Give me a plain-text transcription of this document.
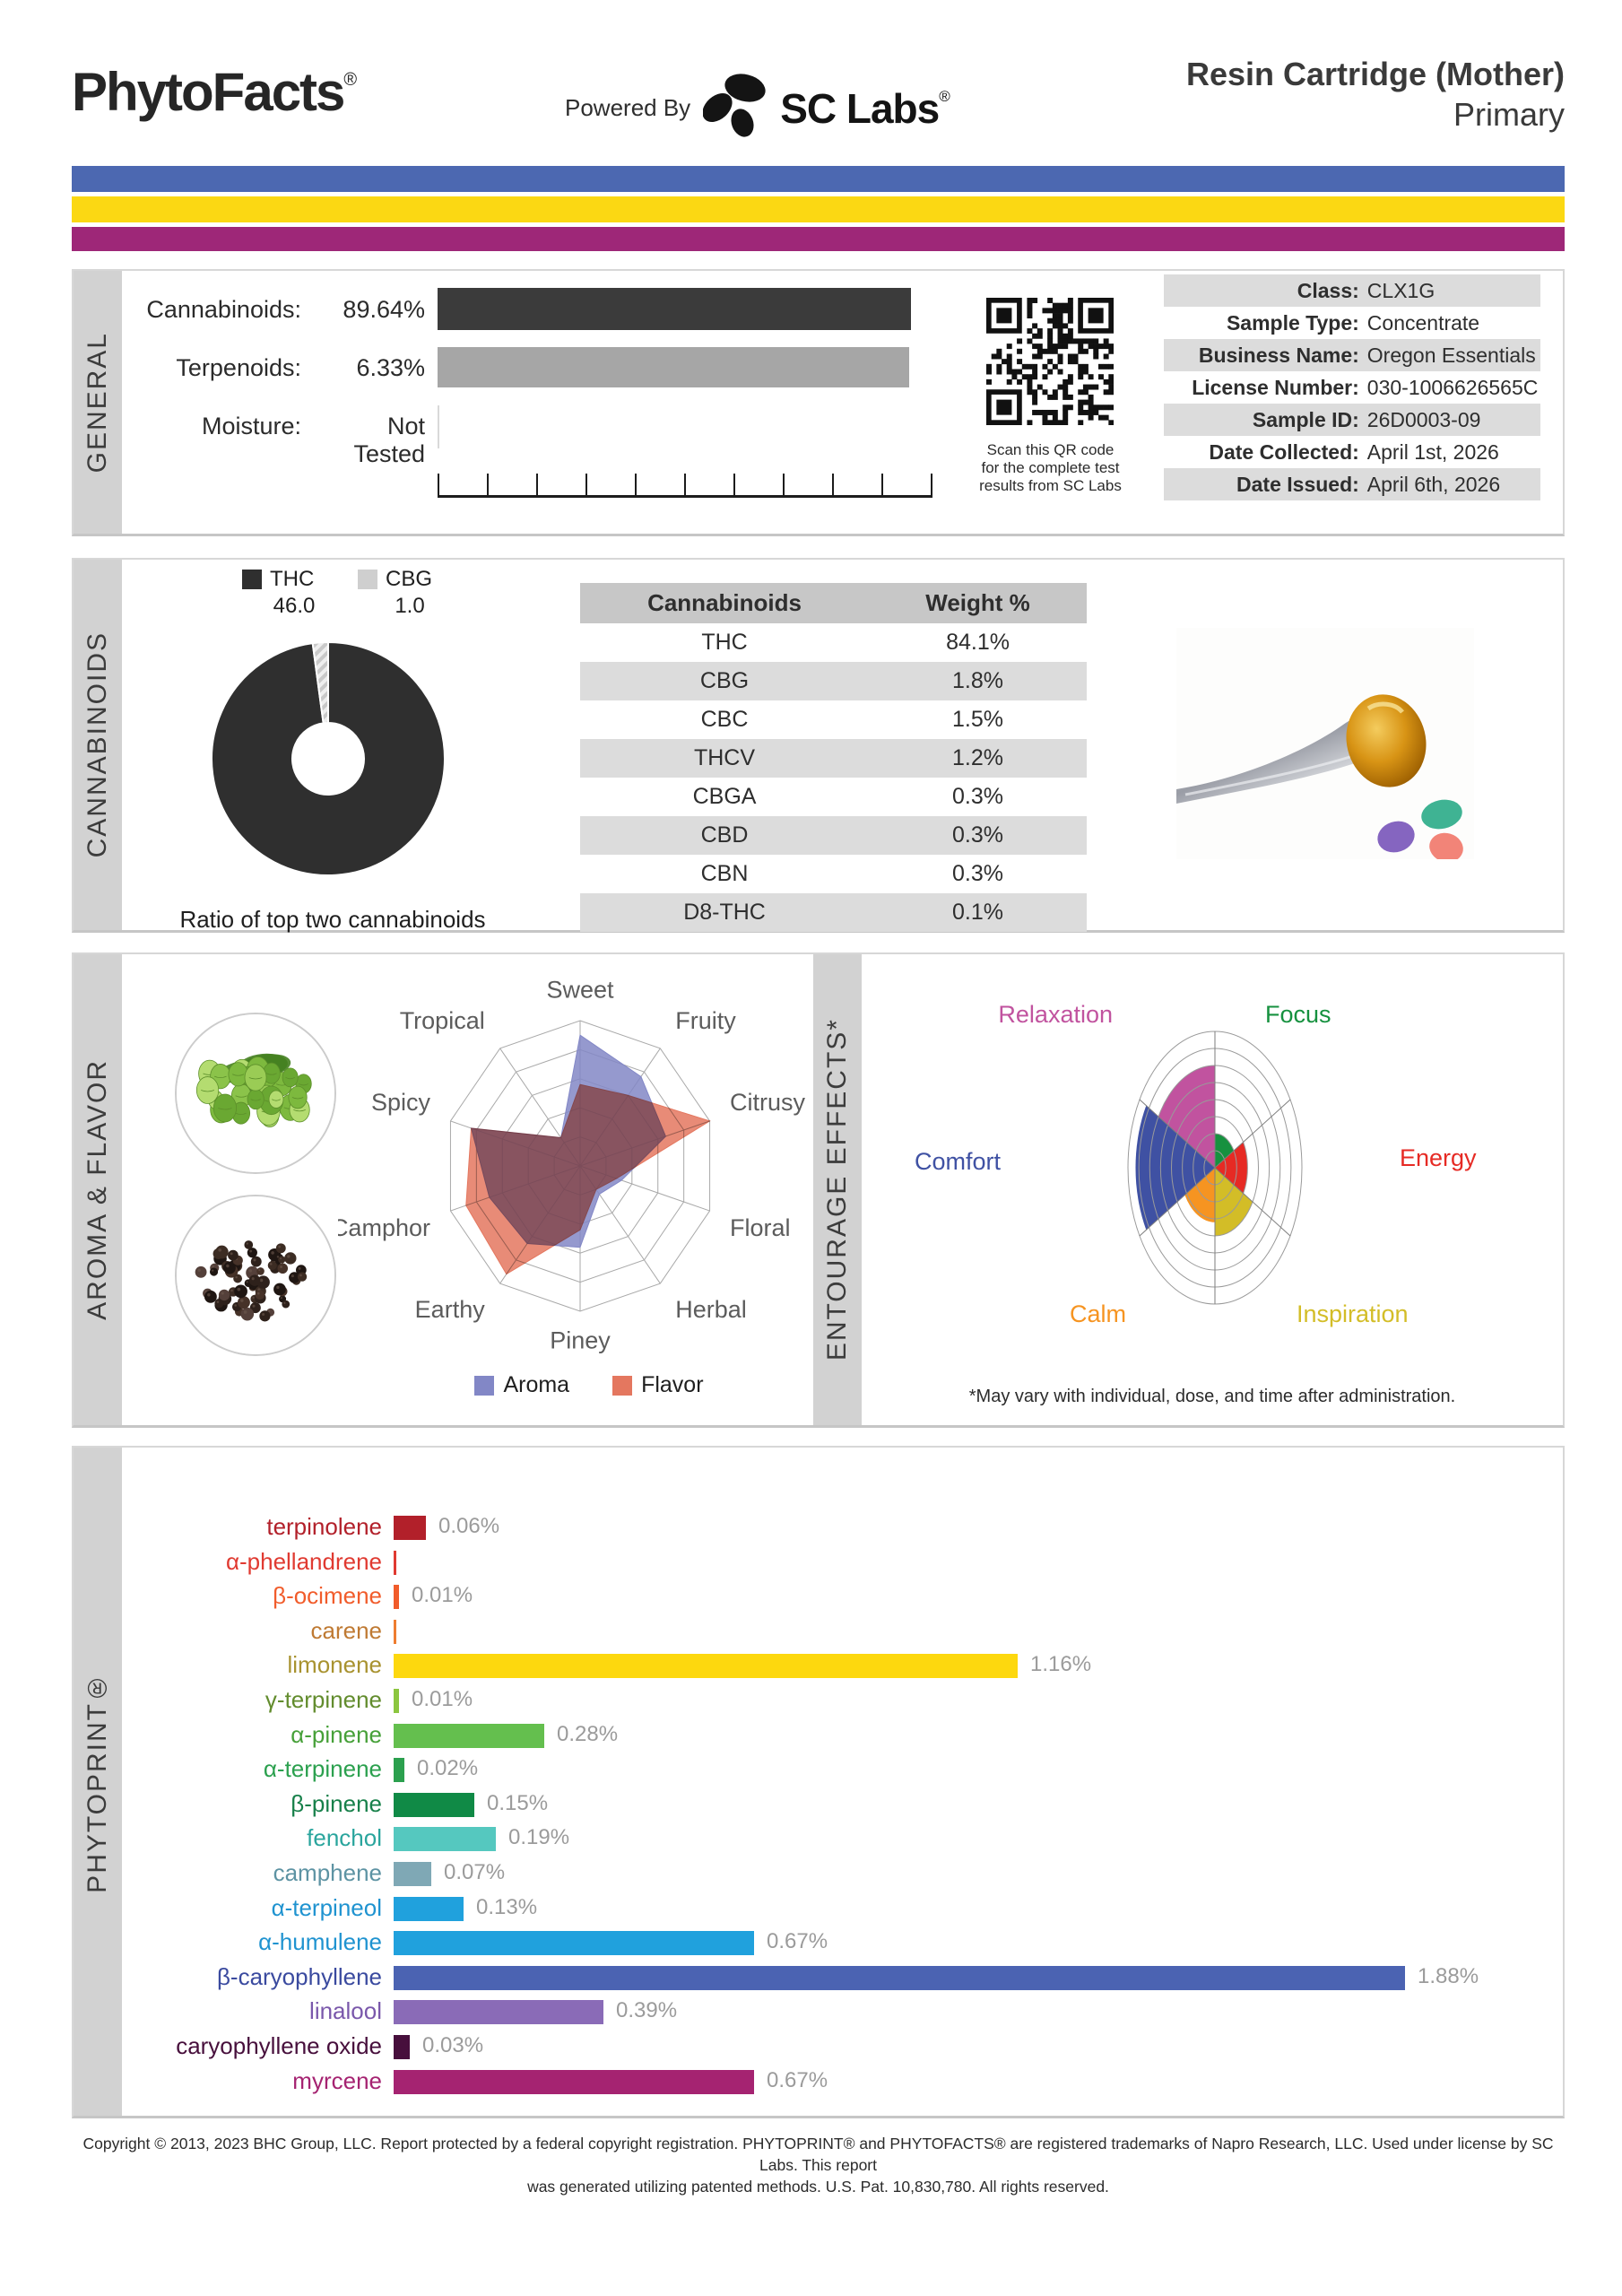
PhytoFacts®
Powered By SC Labs®
Resin Cartridge (Mother)
Primary
GENERAL
Cannabinoids:	89.64%
Terpenoids:	6.33%
Moisture:	Not Tested	Scan this QR code
for the complete test
results from SC Labs
Class: CLX1G
Sample Type: Concentrate
Business Name: Oregon Essentials
License Number: 030-1006626565C
Sample ID: 26D0003-09
Date Collected: April 1st, 2026
Date Issued: April 6th, 2026
CANNABINOIDS
THC
46.0
CBG
1.0
Ratio of top two cannabinoids
Cannabinoids	Weight %
THC	84.1%
CBG	1.8%
CBC	1.5%
THCV	1.2%
CBGA	0.3%
CBD	0.3%
CBN	0.3%
D8-THC	0.1%
AROMA & FLAVOR
Sweet
Fruity
Citrusy
Floral
Herbal
Piney
Earthy
Camphor
Spicy
Tropical
Aroma	Flavor
ENTOURAGE EFFECTS*
Relaxation	Focus
Energy
Inspiration
Calm
Comfort
*May vary with individual, dose, and time after administration.
PHYTOPRINT®
terpinolene	0.06%
α-phellandrene
β-ocimene 0.01%
carene
limonene	1.16%
γ-terpinene 0.01%
α-pinene	0.28%
α-terpinene 0.02%
β-pinene	0.15%
fenchol	0.19%
camphene	0.07%
α-terpineol	0.13%
α-humulene	0.67%
β-caryophyllene	1.88%
linalool	0.39%
caryophyllene oxide 0.03%
myrcene	0.67%
Copyright © 2013, 2023 BHC Group, LLC. Report protected by a federal copyright registration. PHYTOPRINT® and PHYTOFACTS® are registered trademarks of Napro Research, LLC. Used under license by SC Labs. This report
was generated utilizing patented methods. U.S. Pat. 10,830,780. All rights reserved.
